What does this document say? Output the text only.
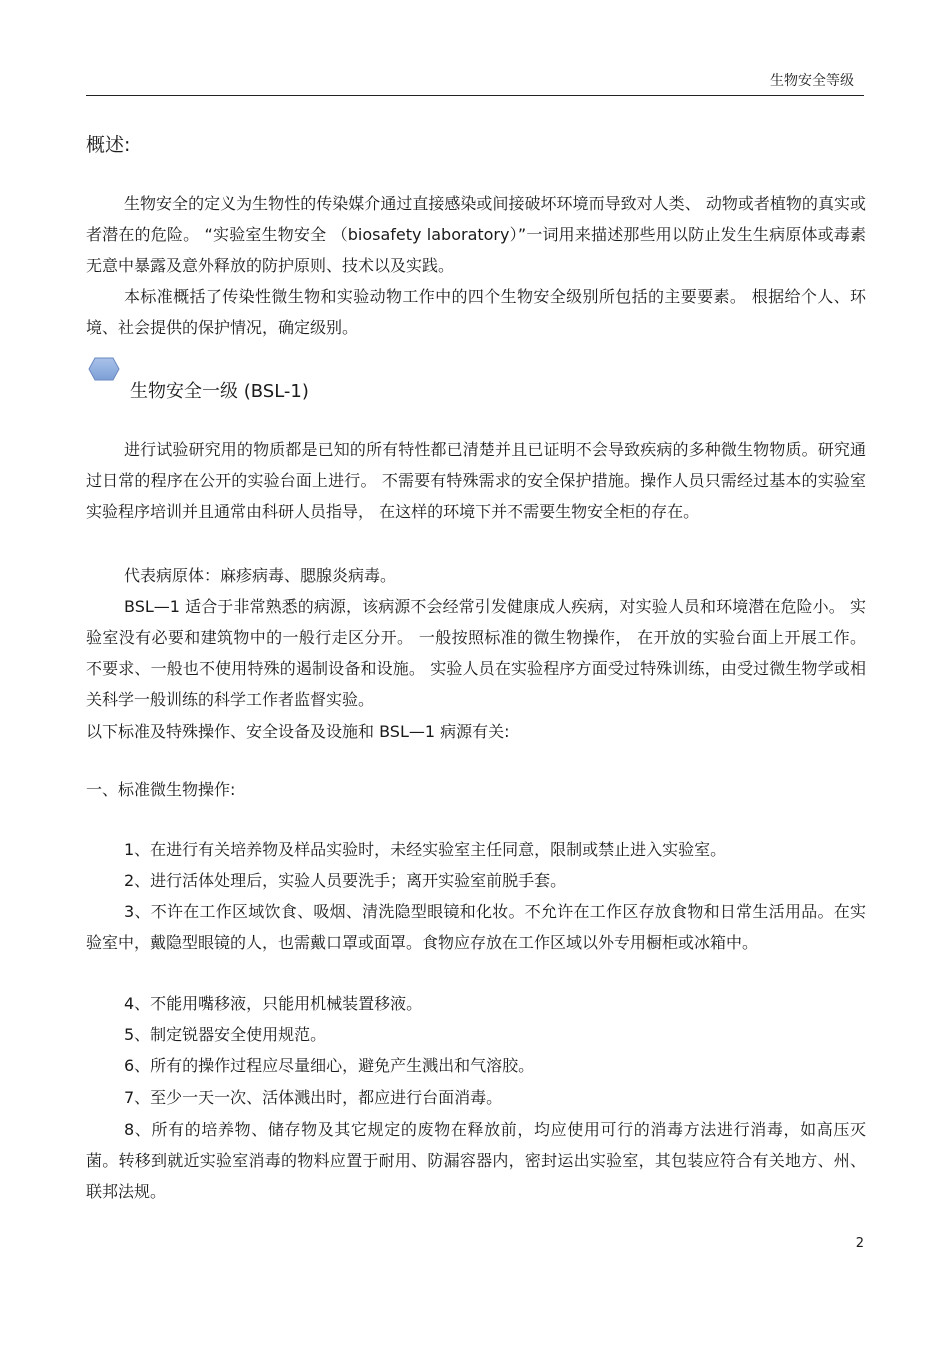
生物安全等级
概述:

生物安全的定义为生物性的传染媒介通过直接感染或间接破坏环境而导致对人类、 动物或者植物的真实或者潜在的危险。 “实验室生物安全 （biosafety laboratory）”一词用来描述那些用以防止发生生病原体或毒素无意中暴露及意外释放的防护原则、技术以及实践。

本标准概括了传染性微生物和实验动物工作中的四个生物安全级别所包括的主要要素。 根据给个人、环境、社会提供的保护情况，确定级别。

生物安全一级 (BSL-1)

进行试验研究用的物质都是已知的所有特性都已清楚并且已证明不会导致疾病的多种微生物物质。研究通过日常的程序在公开的实验台面上进行。 不需要有特殊需求的安全保护措施。操作人员只需经过基本的实验室实验程序培训并且通常由科研人员指导， 在这样的环境下并不需要生物安全柜的存在。

代表病原体：麻疹病毒、腮腺炎病毒。

BSL—1 适合于非常熟悉的病源，该病源不会经常引发健康成人疾病，对实验人员和环境潜在危险小。 实验室没有必要和建筑物中的一般行走区分开。 一般按照标准的微生物操作， 在开放的实验台面上开展工作。 不要求、一般也不使用特殊的遏制设备和设施。 实验人员在实验程序方面受过特殊训练，由受过微生物学或相关科学一般训练的科学工作者监督实验。

以下标准及特殊操作、安全设备及设施和 BSL—1 病源有关:
一、标准微生物操作:
1、在进行有关培养物及样品实验时，未经实验室主任同意，限制或禁止进入实验室。
2、进行活体处理后，实验人员要洗手；离开实验室前脱手套。

3、不许在工作区域饮食、吸烟、清洗隐型眼镜和化妆。不允许在工作区存放食物和日常生活用品。在实验室中，戴隐型眼镜的人，也需戴口罩或面罩。食物应存放在工作区域以外专用橱柜或冰箱中。

4、不能用嘴移液，只能用机械装置移液。
5、制定锐器安全使用规范。
6、所有的操作过程应尽量细心，避免产生溅出和气溶胶。
7、至少一天一次、活体溅出时，都应进行台面消毒。

8、所有的培养物、储存物及其它规定的废物在释放前，均应使用可行的消毒方法进行消毒，如高压灭菌。转移到就近实验室消毒的物料应置于耐用、防漏容器内，密封运出实验室，其包装应符合有关地方、州、联邦法规。

2
